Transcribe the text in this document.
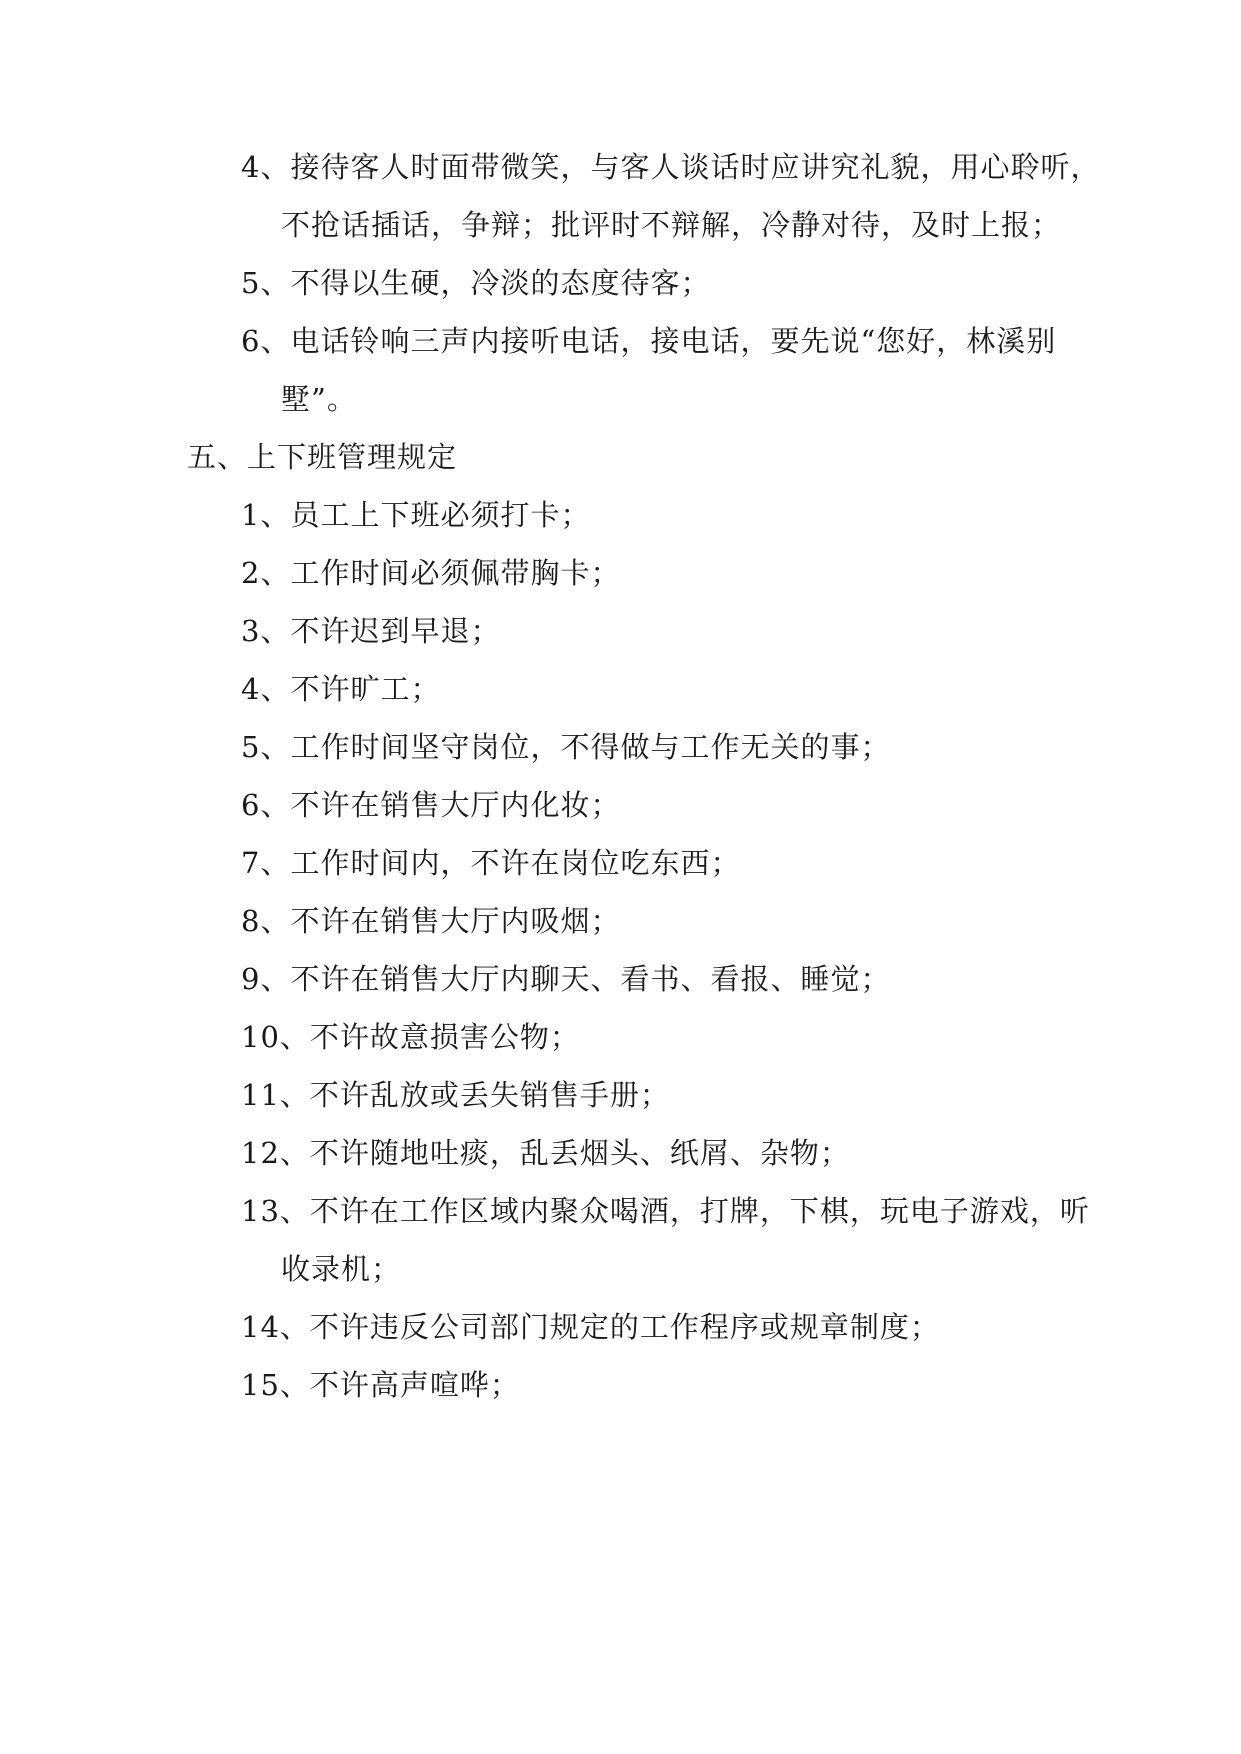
4、接待客人时面带微笑，与客人谈话时应讲究礼貌，用心聆听，
不抢话插话，争辩；批评时不辩解，冷静对待，及时上报；
5、不得以生硬，冷淡的态度待客；
6、电话铃响三声内接听电话，接电话，要先说“您好，林溪别
墅”。
五、上下班管理规定
1、员工上下班必须打卡；
2、工作时间必须佩带胸卡；
3、不许迟到早退；
4、不许旷工；
5、工作时间坚守岗位，不得做与工作无关的事；
6、不许在销售大厅内化妆；
7、工作时间内，不许在岗位吃东西；
8、不许在销售大厅内吸烟；
9、不许在销售大厅内聊天、看书、看报、睡觉；
10、不许故意损害公物；
11、不许乱放或丢失销售手册；
12、不许随地吐痰，乱丢烟头、纸屑、杂物；
13、不许在工作区域内聚众喝酒，打牌，下棋，玩电子游戏，听
收录机；
14、不许违反公司部门规定的工作程序或规章制度；
15、不许高声喧哗；
